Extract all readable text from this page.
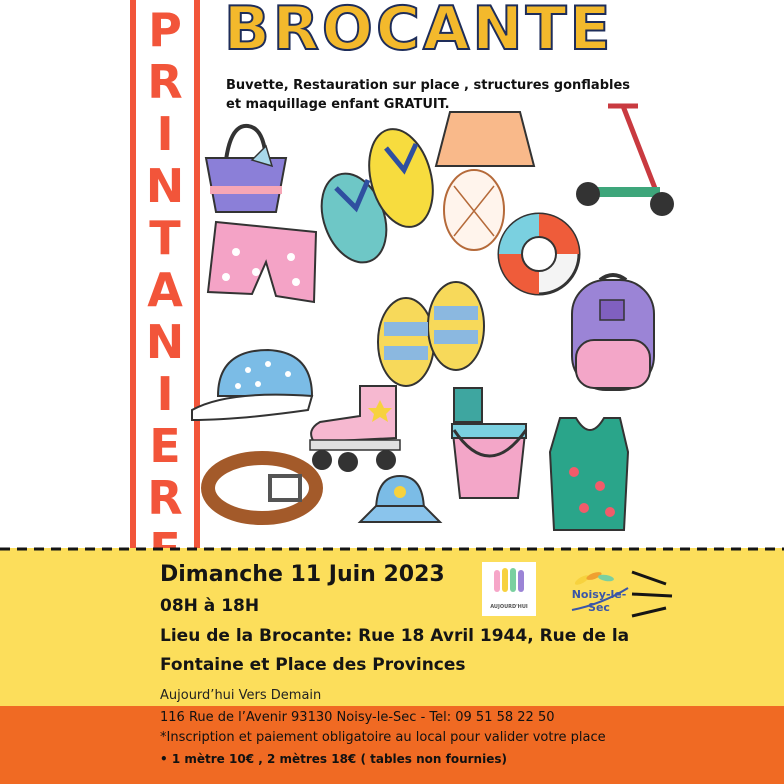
P
R
I
N
T
A
N
I
E
R
BROCANTE
Buvette, Restauration sur place , structures gonflables
et maquillage enfant GRATUIT.
Dimanche 11 Juin 2023
08H à 18H
Lieu de la Brocante: Rue 18 Avril 1944, Rue de la
Fontaine et Place des Provinces
Aujourd’hui Vers Demain
AUJOURD'HUI
Noisy-le-Sec
116 Rue de l’Avenir 93130 Noisy-le-Sec - Tel: 09 51 58 22 50
*Inscription et paiement obligatoire au local pour valider votre place
• 1 mètre 10€ , 2 mètres 18€ ( tables non fournies)
